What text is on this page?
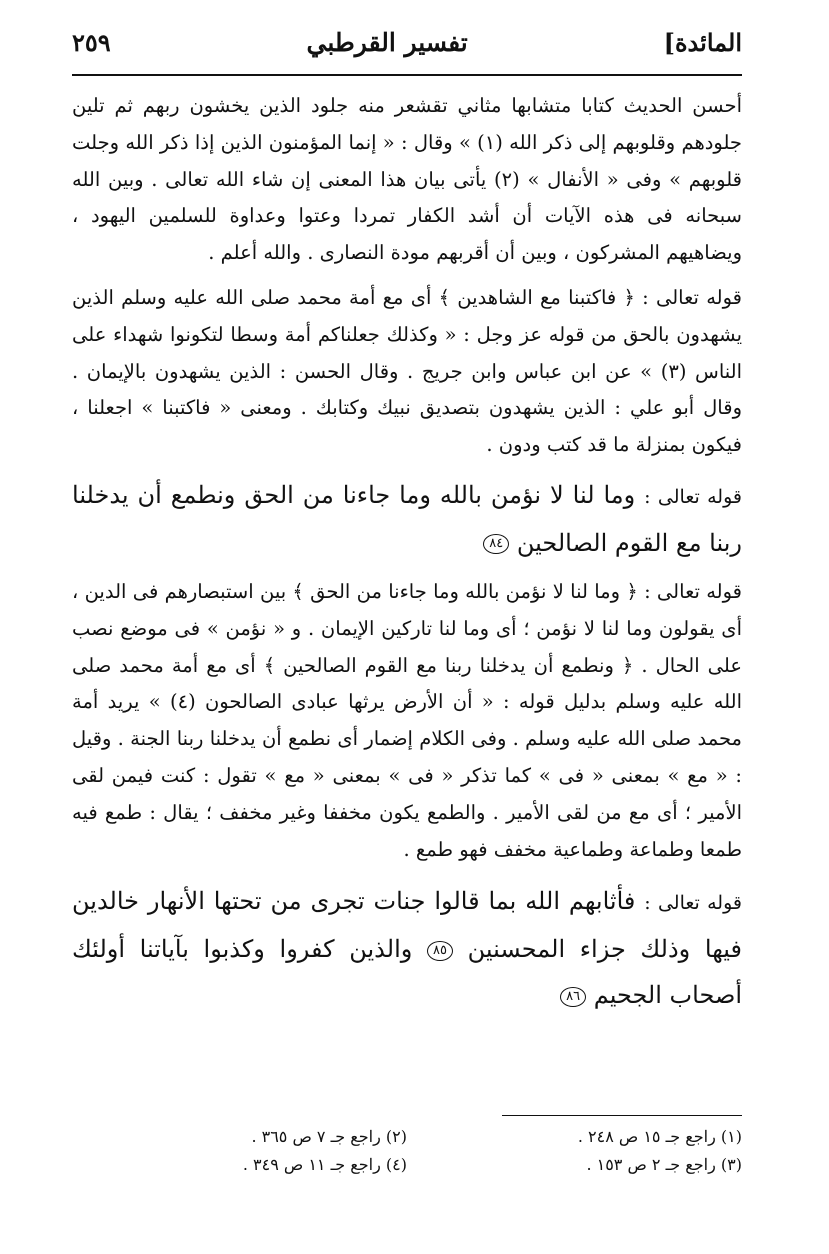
المائدة]
تفسير القرطبي
٢٥٩

أحسن الحديث كتابا متشابها مثاني تقشعر منه جلود الذين يخشون ربهم ثم تلين جلودهم وقلوبهم إلى ذكر الله (١) » وقال : « إنما المؤمنون الذين إذا ذكر الله وجلت قلوبهم » وفى « الأنفال » (٢) يأتى بيان هذا المعنى إن شاء الله تعالى . وبين الله سبحانه فى هذه الآيات أن أشد الكفار تمردا وعتوا وعداوة للسلمين اليهود ، ويضاهيهم المشركون ، وبين أن أقربهم مودة النصارى . والله أعلم .

قوله تعالى : ﴿ فاكتبنا مع الشاهدين ﴾ أى مع أمة محمد صلى الله عليه وسلم الذين يشهدون بالحق من قوله عز وجل : « وكذلك جعلناكم أمة وسطا لتكونوا شهداء على الناس (٣) » عن ابن عباس وابن جريج . وقال الحسن : الذين يشهدون بالإيمان . وقال أبو علي : الذين يشهدون بتصديق نبيك وكتابك . ومعنى « فاكتبنا » اجعلنا ، فيكون بمنزلة ما قد كتب ودون .

قوله تعالى : وما لنا لا نؤمن بالله وما جاءنا من الحق ونطمع أن يدخلنا ربنا مع القوم الصالحين ٨٤

قوله تعالى : ﴿ وما لنا لا نؤمن بالله وما جاءنا من الحق ﴾ بين استبصارهم فى الدين ، أى يقولون وما لنا لا نؤمن ؛ أى وما لنا تاركين الإيمان . و « نؤمن » فى موضع نصب على الحال . ﴿ ونطمع أن يدخلنا ربنا مع القوم الصالحين ﴾ أى مع أمة محمد صلى الله عليه وسلم بدليل قوله : « أن الأرض يرثها عبادى الصالحون (٤) » يريد أمة محمد صلى الله عليه وسلم . وفى الكلام إضمار أى نطمع أن يدخلنا ربنا الجنة . وقيل : « مع » بمعنى « فى » كما تذكر « فى » بمعنى « مع » تقول : كنت فيمن لقى الأمير ؛ أى مع من لقى الأمير . والطمع يكون مخففا وغير مخفف ؛ يقال : طمع فيه طمعا وطماعة وطماعية مخفف فهو طمع .

قوله تعالى : فأثابهم الله بما قالوا جنات تجرى من تحتها الأنهار خالدين فيها وذلك جزاء المحسنين ٨٥ والذين كفروا وكذبوا بآياتنا أولئك أصحاب الجحيم ٨٦

(١) راجع جـ ١٥ ص ٢٤٨ .
(٢) راجع جـ ٧ ص ٣٦٥ .
(٣) راجع جـ ٢ ص ١٥٣ .
(٤) راجع جـ ١١ ص ٣٤٩ .
